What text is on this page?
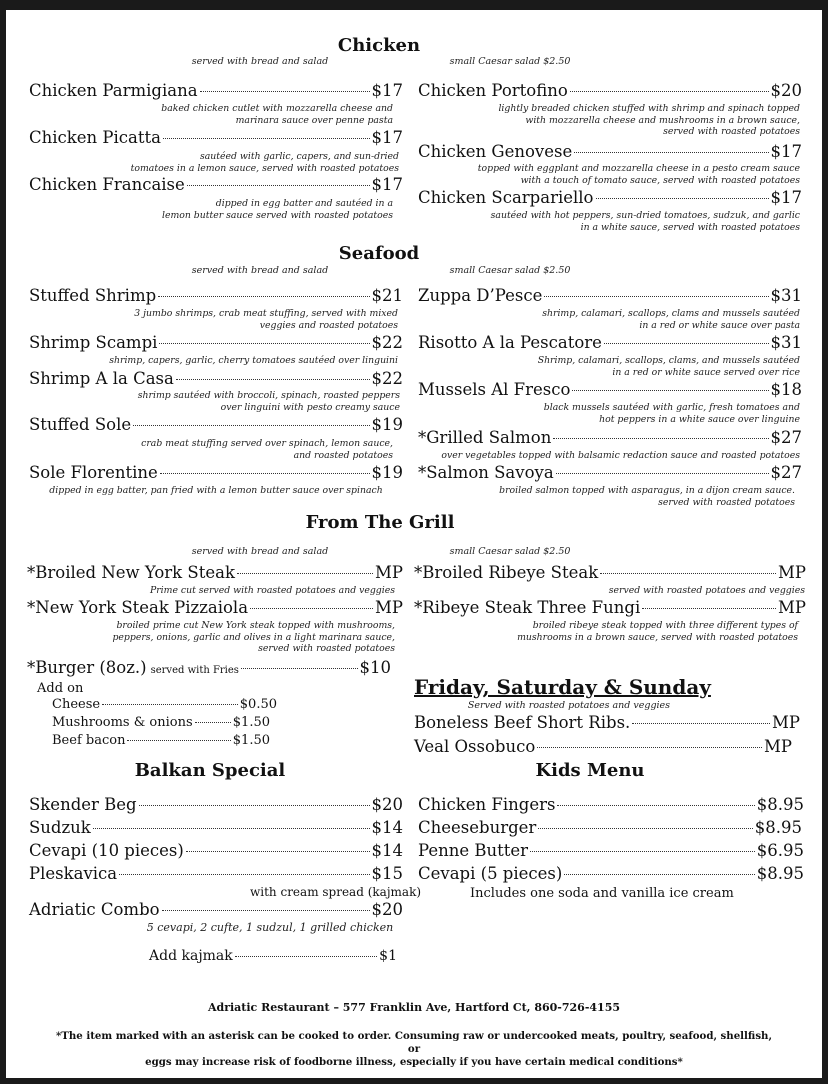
Chicken
served with bread and salad	small Caesar salad $2.50
Chicken Parmigiana	$17
baked chicken cutlet with mozzarella cheese and
marinara sauce over penne pasta
Chicken Picatta	$17
sautéed with garlic, capers, and sun-dried
tomatoes in a lemon sauce, served with roasted potatoes
Chicken Francaise	$17
dipped in egg batter and sautéed in a
lemon butter sauce served with roasted potatoes
Chicken Portofino	$20
lightly breaded chicken stuffed with shrimp and spinach topped
with mozzarella cheese and mushrooms in a brown sauce,
served with roasted potatoes
Chicken Genovese	$17
topped with eggplant and mozzarella cheese in a pesto cream sauce
with a touch of tomato sauce, served with roasted potatoes
Chicken Scarpariello	$17
sautéed with hot peppers, sun-dried tomatoes, sudzuk, and garlic
in a white sauce, served with roasted potatoes
Seafood
served with bread and salad	small Caesar salad $2.50
Stuffed Shrimp	$21
3 jumbo shrimps, crab meat stuffing, served with mixed
veggies and roasted potatoes
Shrimp Scampi	$22
shrimp, capers, garlic, cherry tomatoes sautéed over linguini
Shrimp A la Casa	$22
shrimp sautéed with broccoli, spinach, roasted peppers
over linguini with pesto creamy sauce
Stuffed Sole	$19
crab meat stuffing served over spinach, lemon sauce,
and roasted potatoes
Sole Florentine	$19
dipped in egg batter, pan fried with a lemon butter sauce over spinach
Zuppa D’Pesce	$31
shrimp, calamari, scallops, clams and mussels sautéed
in a red or white sauce over pasta
Risotto A la Pescatore	$31
Shrimp, calamari, scallops, clams, and mussels sautéed
in a red or white sauce served over rice
Mussels Al Fresco	$18
black mussels sautéed with garlic, fresh tomatoes and
hot peppers in a white sauce over linguine
*Grilled Salmon	$27
over vegetables topped with balsamic redaction sauce and roasted potatoes
*Salmon Savoya	$27
broiled salmon topped with asparagus, in a dijon cream sauce.
served with roasted potatoes
From The Grill
served with bread and salad	small Caesar salad $2.50
*Broiled New York Steak	MP
Prime cut served with roasted potatoes and veggies
*New York Steak Pizzaiola	MP
broiled prime cut New York steak topped with mushrooms,
peppers, onions, garlic and olives in a light marinara sauce,
served with roasted potatoes
*Broiled Ribeye Steak	MP
served with roasted potatoes and veggies
*Ribeye Steak Three Fungi	MP
broiled ribeye steak topped with three different types of
mushrooms in a brown sauce, served with roasted potatoes
*Burger (8oz.) served with Fries	$10
Add on
Cheese	$0.50
Mushrooms & onions	$1.50
Beef bacon	$1.50
Friday, Saturday & Sunday
Served with roasted potatoes and veggies
Boneless Beef Short Ribs.	MP
Veal Ossobuco	MP
Balkan Special
Skender Beg	$20
Sudzuk	$14
Cevapi (10 pieces)	$14
Pleskavica	$15
with cream spread (kajmak)
Adriatic Combo	$20
5 cevapi, 2 cufte, 1 sudzul, 1 grilled chicken
Add kajmak	$1
Kids Menu
Chicken Fingers	$8.95
Cheeseburger	$8.95
Penne Butter	$6.95
Cevapi (5 pieces)	$8.95
Includes one soda and vanilla ice cream
Adriatic Restaurant – 577 Franklin Ave, Hartford Ct, 860-726-4155
*The item marked with an asterisk can be cooked to order. Consuming raw or undercooked meats, poultry, seafood, shellfish, or
eggs may increase risk of foodborne illness, especially if you have certain medical conditions*
